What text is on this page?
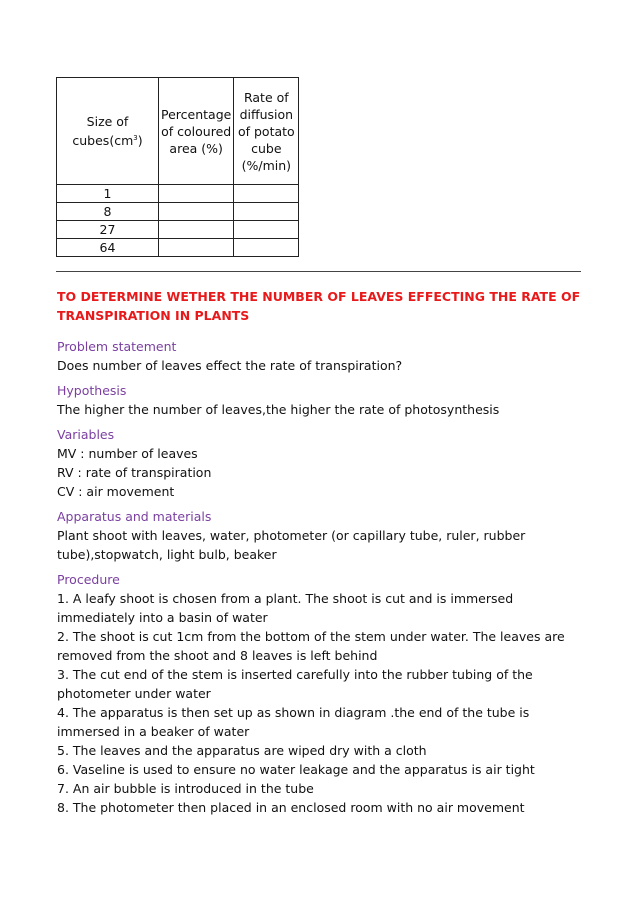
Size of $cubes(cm^3)$	Percentage of coloured area (%)	Rate of diffusion of potato cube (%/min)
1		
8		
27		
64		

TO DETERMINE WETHER THE NUMBER OF LEAVES EFFECTING THE RATE OF TRANSPIRATION IN PLANTS

Problem statement

Does number of leaves effect the rate of transpiration?

Hypothesis

The higher the number of leaves,the higher the rate of photosynthesis

Variables

MV : number of leaves

RV : rate of transpiration

CV : air movement

Apparatus and materials

Plant shoot with leaves, water, photometer (or capillary tube, ruler, rubber tube),stopwatch, light bulb, beaker

Procedure

1. A leafy shoot is chosen from a plant. The shoot is cut and is immersed immediately into a basin of water

2. The shoot is cut 1cm from the bottom of the stem under water. The leaves are removed from the shoot and 8 leaves is left behind

3. The cut end of the stem is inserted carefully into the rubber tubing of the photometer under water

4. The apparatus is then set up as shown in diagram .the end of the tube is immersed in a beaker of water

5. The leaves and the apparatus are wiped dry with a cloth

6. Vaseline is used to ensure no water leakage and the apparatus is air tight

7. An air bubble is introduced in the tube

8. The photometer then placed in an enclosed room with no air movement
